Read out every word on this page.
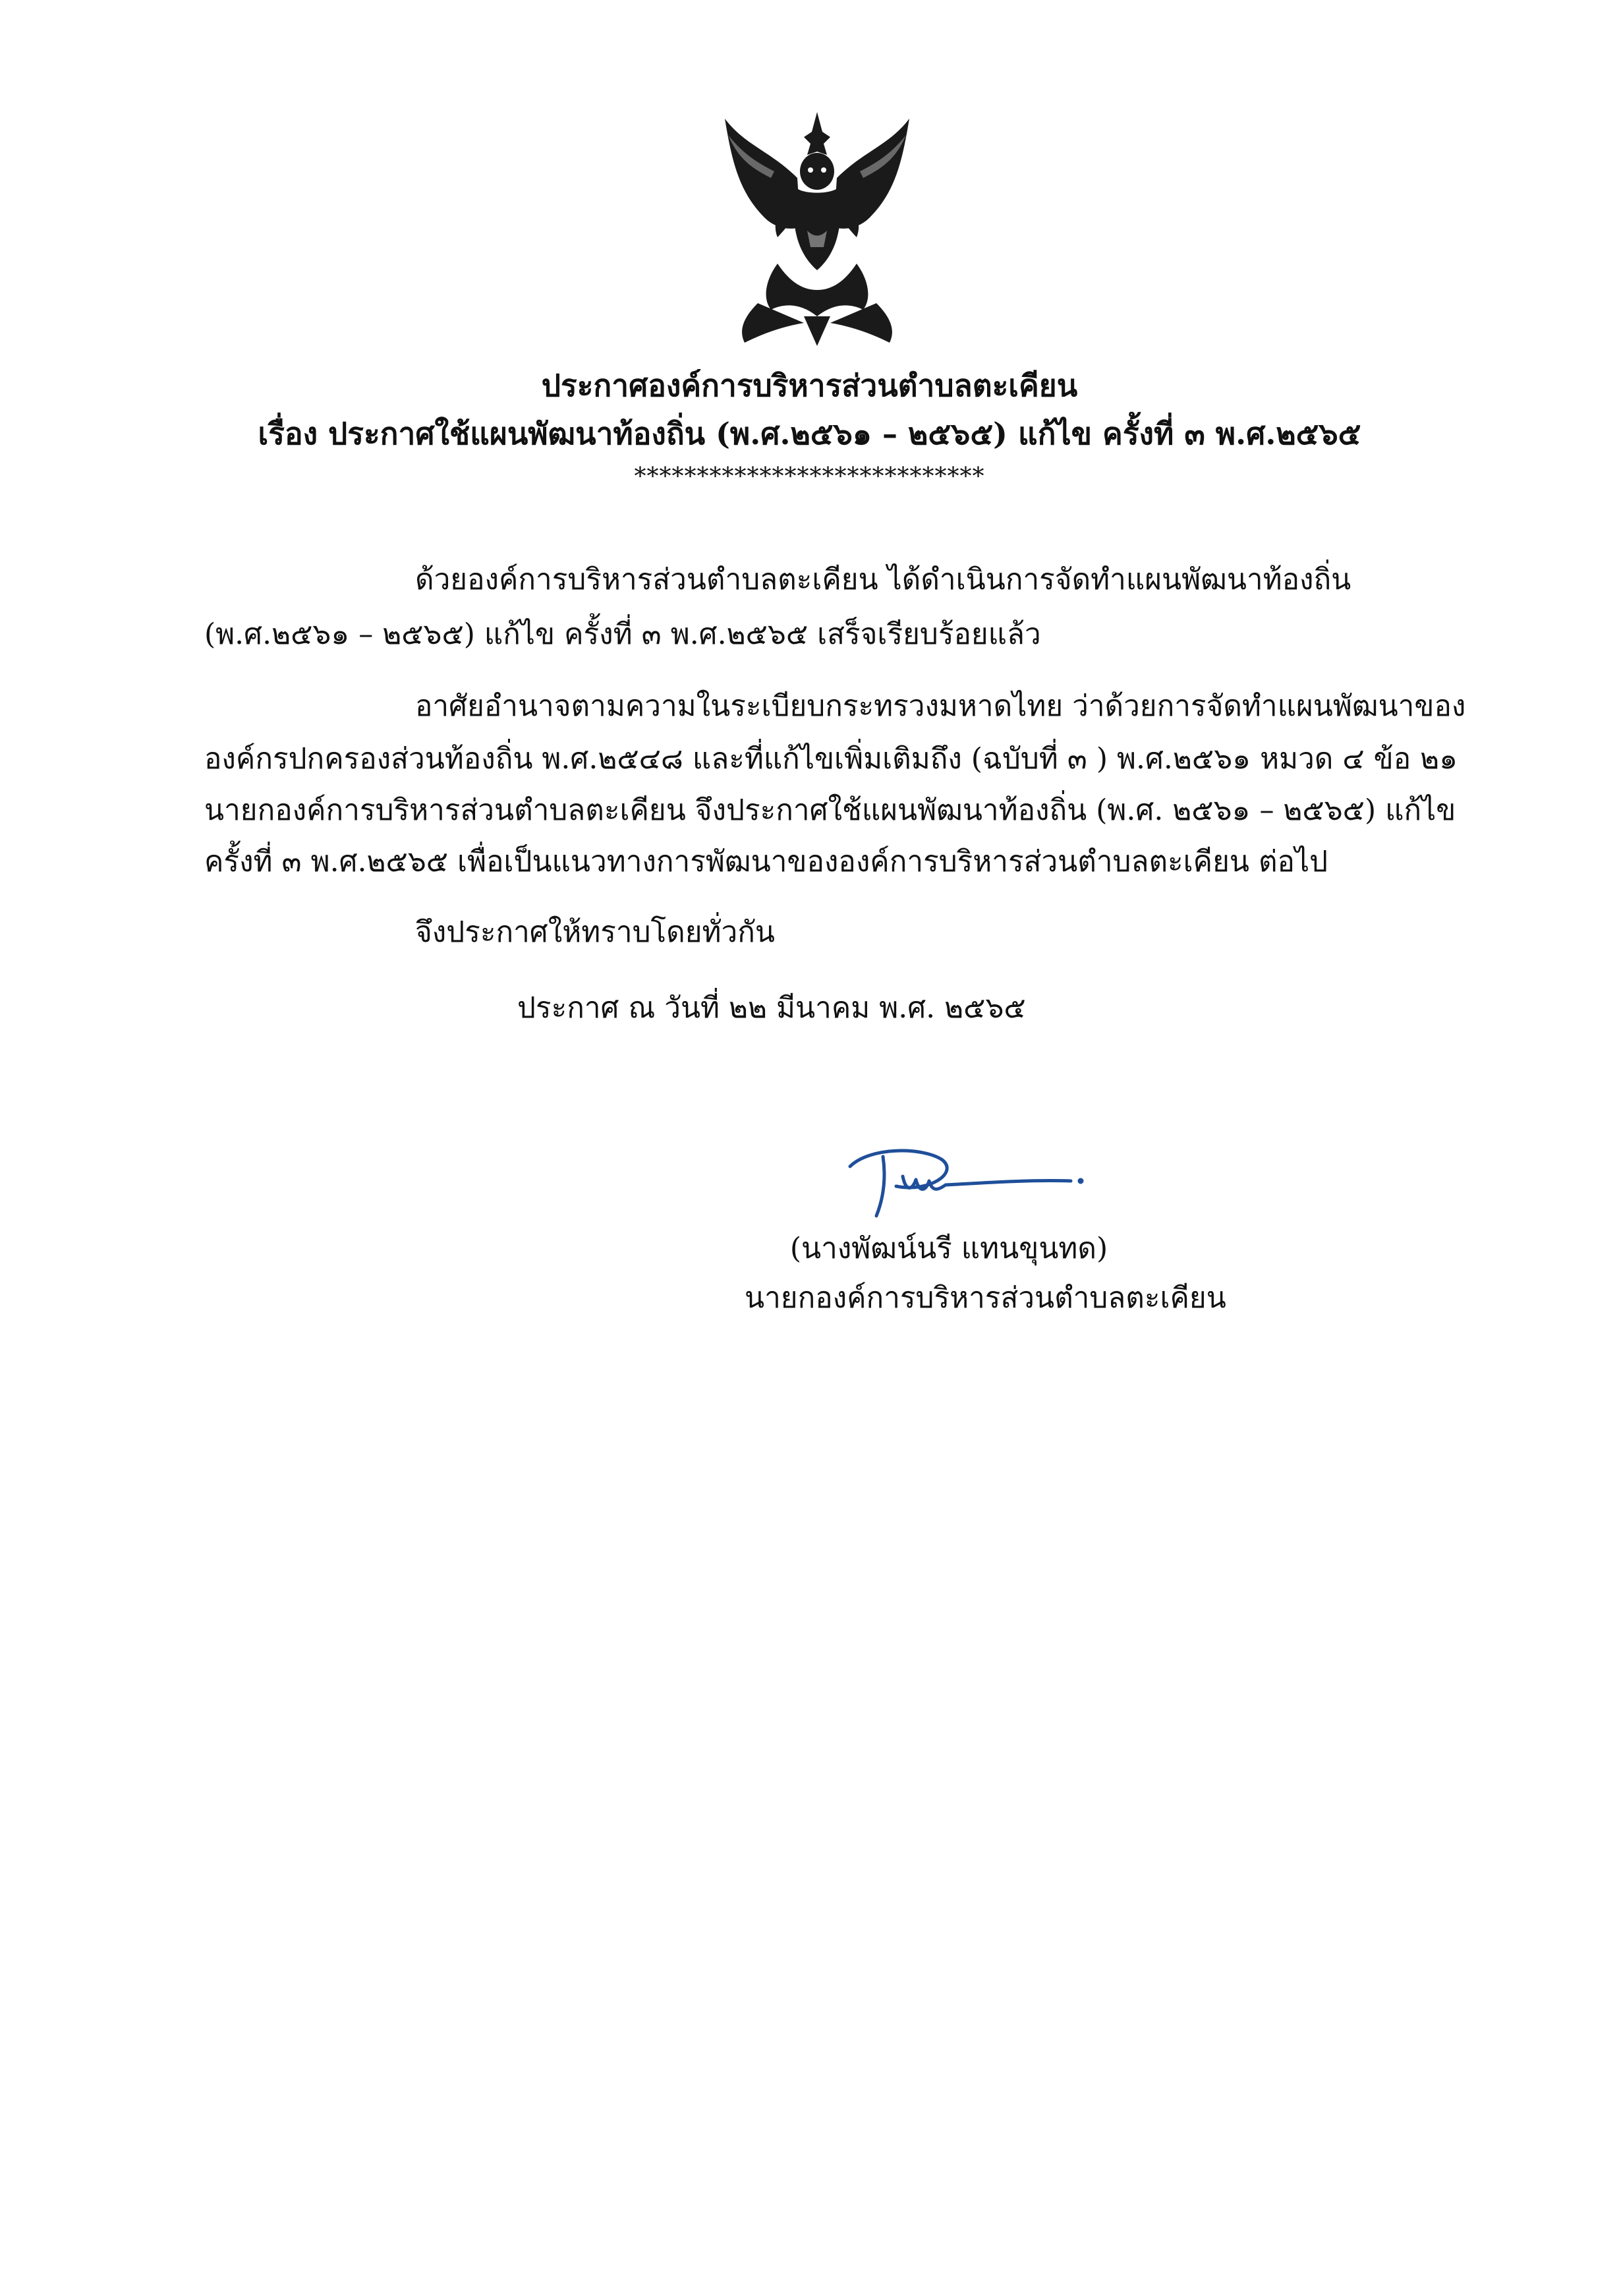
ประกาศองค์การบริหารส่วนตำบลตะเคียน
เรื่อง ประกาศใช้แผนพัฒนาท้องถิ่น (พ.ศ.๒๕๖๑ – ๒๕๖๕) แก้ไข ครั้งที่ ๓ พ.ศ.๒๕๖๕
****************************
ด้วยองค์การบริหารส่วนตำบลตะเคียน ได้ดำเนินการจัดทำแผนพัฒนาท้องถิ่น
(พ.ศ.๒๕๖๑ – ๒๕๖๕) แก้ไข ครั้งที่ ๓ พ.ศ.๒๕๖๕ เสร็จเรียบร้อยแล้ว
อาศัยอำนาจตามความในระเบียบกระทรวงมหาดไทย ว่าด้วยการจัดทำแผนพัฒนาของ
องค์กรปกครองส่วนท้องถิ่น พ.ศ.๒๕๔๘ และที่แก้ไขเพิ่มเติมถึง (ฉบับที่ ๓ ) พ.ศ.๒๕๖๑ หมวด ๔ ข้อ ๒๑
นายกองค์การบริหารส่วนตำบลตะเคียน จึงประกาศใช้แผนพัฒนาท้องถิ่น (พ.ศ. ๒๕๖๑ – ๒๕๖๕) แก้ไข
ครั้งที่ ๓ พ.ศ.๒๕๖๕ เพื่อเป็นแนวทางการพัฒนาขององค์การบริหารส่วนตำบลตะเคียน ต่อไป
จึงประกาศให้ทราบโดยทั่วกัน
ประกาศ ณ วันที่ ๒๒ มีนาคม พ.ศ. ๒๕๖๕
(นางพัฒน์นรี แทนขุนทด)
นายกองค์การบริหารส่วนตำบลตะเคียน
